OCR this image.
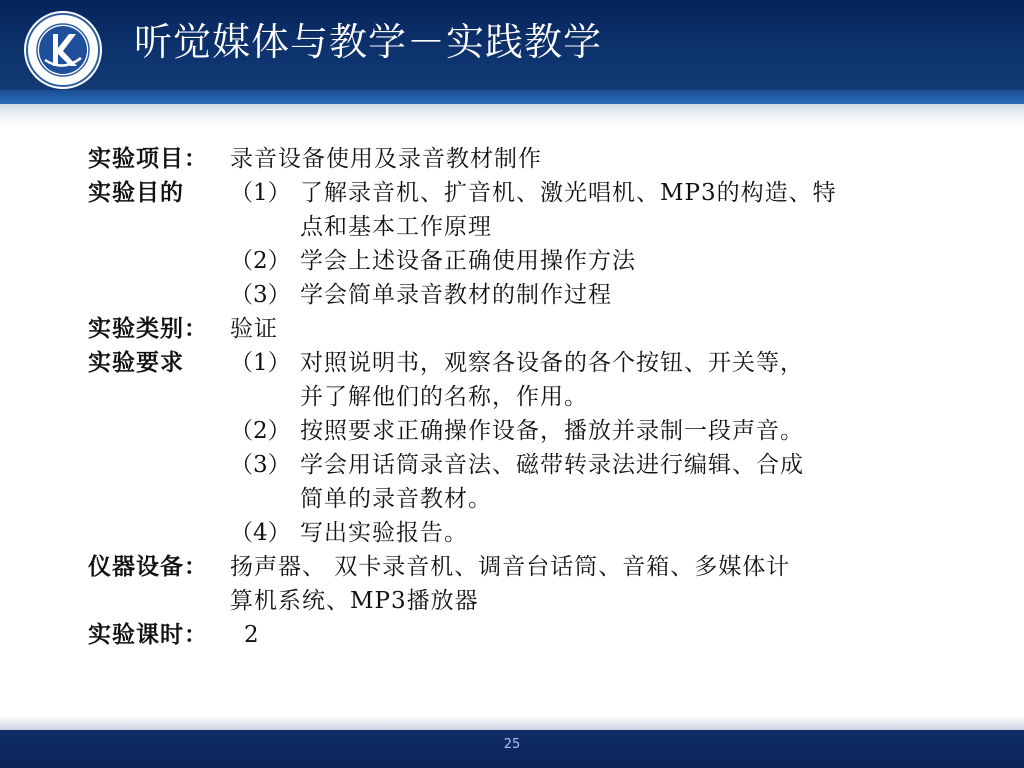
听觉媒体与教学－实践教学
实验项目： 录音设备使用及录音教材制作
实验目的 （1） 了解录音机、扩音机、激光唱机、MP3的构造、特
点和基本工作原理
（2） 学会上述设备正确使用操作方法
（3） 学会简单录音教材的制作过程
实验类别： 验证
实验要求 （1） 对照说明书，观察各设备的各个按钮、开关等，
并了解他们的名称，作用。
（2） 按照要求正确操作设备，播放并录制一段声音。
（3） 学会用话筒录音法、磁带转录法进行编辑、合成
简单的录音教材。
（4） 写出实验报告。
仪器设备： 扬声器、 双卡录音机、调音台话筒、音箱、多媒体计
算机系统、MP3播放器
实验课时： 2
25
